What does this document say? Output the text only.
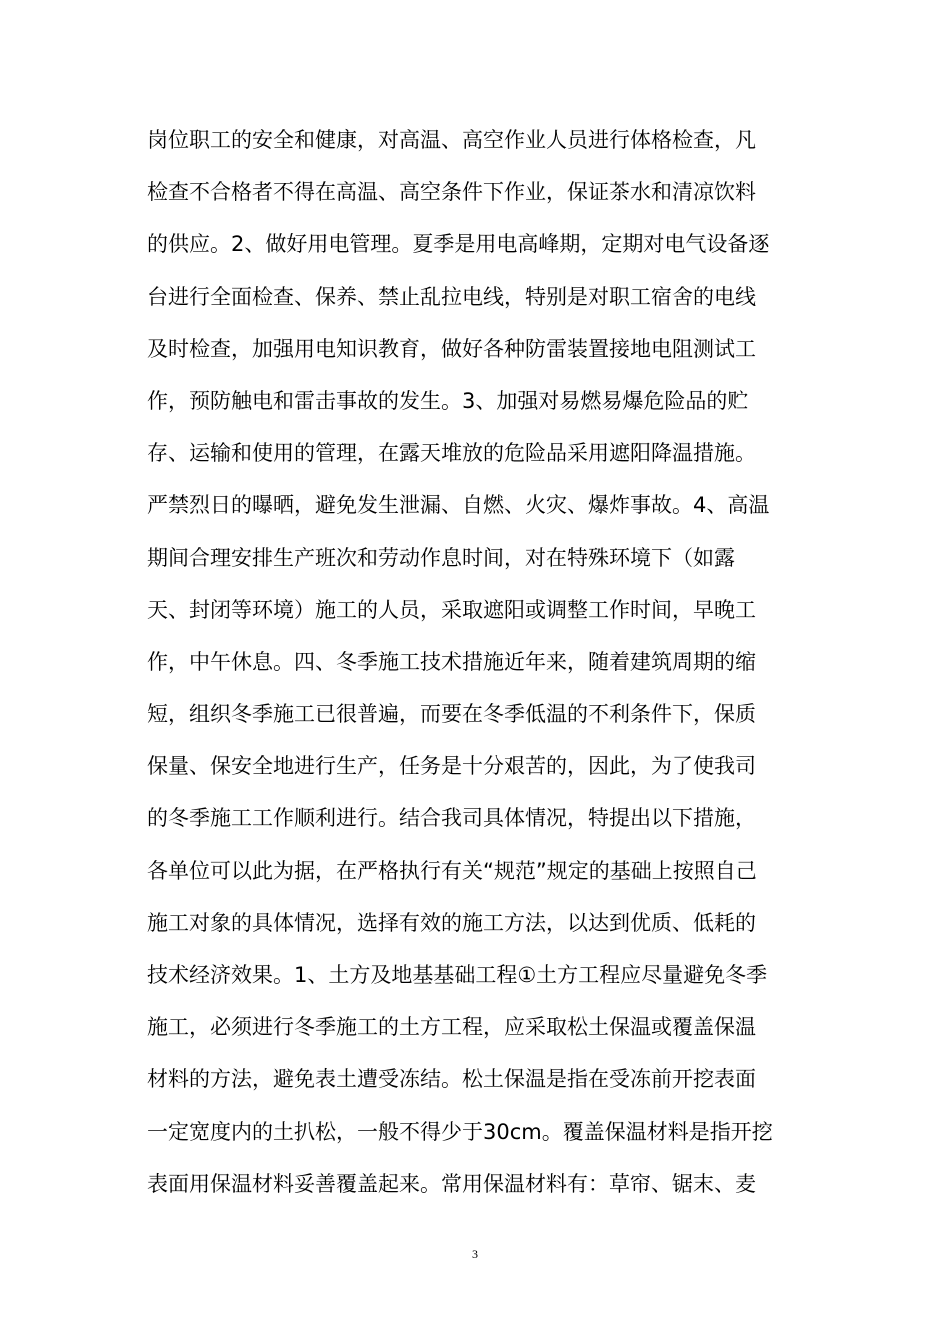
岗位职工的安全和健康，对高温、高空作业人员进行体格检查，凡
检查不合格者不得在高温、高空条件下作业，保证茶水和清凉饮料
的供应。2、做好用电管理。夏季是用电高峰期，定期对电气设备逐
台进行全面检查、保养、禁止乱拉电线，特别是对职工宿舍的电线
及时检查，加强用电知识教育，做好各种防雷装置接地电阻测试工
作，预防触电和雷击事故的发生。3、加强对易燃易爆危险品的贮
存、运输和使用的管理，在露天堆放的危险品采用遮阳降温措施。
严禁烈日的曝晒，避免发生泄漏、自燃、火灾、爆炸事故。4、高温
期间合理安排生产班次和劳动作息时间，对在特殊环境下（如露
天、封闭等环境）施工的人员，采取遮阳或调整工作时间，早晚工
作，中午休息。四、冬季施工技术措施近年来，随着建筑周期的缩
短，组织冬季施工已很普遍，而要在冬季低温的不利条件下，保质
保量、保安全地进行生产，任务是十分艰苦的，因此，为了使我司
的冬季施工工作顺利进行。结合我司具体情况，特提出以下措施，
各单位可以此为据，在严格执行有关“规范”规定的基础上按照自己
施工对象的具体情况，选择有效的施工方法，以达到优质、低耗的
技术经济效果。1、土方及地基基础工程①土方工程应尽量避免冬季
施工，必须进行冬季施工的土方工程，应采取松土保温或覆盖保温
材料的方法，避免表土遭受冻结。松土保温是指在受冻前开挖表面
一定宽度内的土扒松，一般不得少于30cm。覆盖保温材料是指开挖
表面用保温材料妥善覆盖起来。常用保温材料有：草帘、锯末、麦
3
